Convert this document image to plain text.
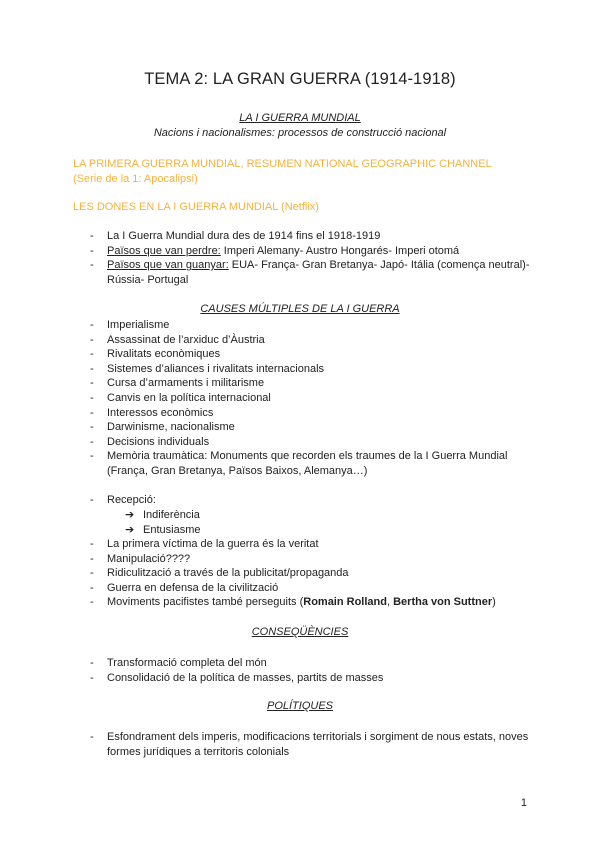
TEMA 2: LA GRAN GUERRA (1914-1918)
LA I GUERRA MUNDIAL
Nacions i nacionalismes: processos de construcció nacional
LA PRIMERA GUERRA MUNDIAL, RESUMEN NATIONAL GEOGRAPHIC CHANNEL
(Serie de la 1: Apocalipsi)
LES DONES EN LA I GUERRA MUNDIAL (Netflix)
- La I Guerra Mundial dura des de 1914 fins el 1918-1919
- Països que van perdre: Imperi Alemany- Austro Hongarés- Imperi otomá
- Països que van guanyar: EUA- França- Gran Bretanya- Japó- Itália (comença neutral)- Rússia- Portugal
CAUSES MÚLTIPLES DE LA I GUERRA
- Imperialisme
- Assassinat de l’arxiduc d’Àustria
- Rivalitats econòmiques
- Sistemes d’aliances i rivalitats internacionals
- Cursa d’armaments i militarisme
- Canvis en la política internacional
- Interessos econòmics
- Darwinisme, nacionalisme
- Decisions individuals
- Memòria traumàtica: Monuments que recorden els traumes de la I Guerra Mundial (França, Gran Bretanya, Països Baixos, Alemanya…)
- Recepció:
➔ Indiferència
➔ Entusiasme
- La primera víctima de la guerra és la veritat
- Manipulació????
- Ridiculització a través de la publicitat/propaganda
- Guerra en defensa de la civilització
- Moviments pacifistes també perseguits (Romain Rolland, Bertha von Suttner)
CONSEQÜÈNCIES
- Transformació completa del món
- Consolidació de la política de masses, partits de masses
POLÍTIQUES
- Esfondrament dels imperis, modificacions territorials i sorgiment de nous estats, noves formes jurídiques a territoris colonials
1
